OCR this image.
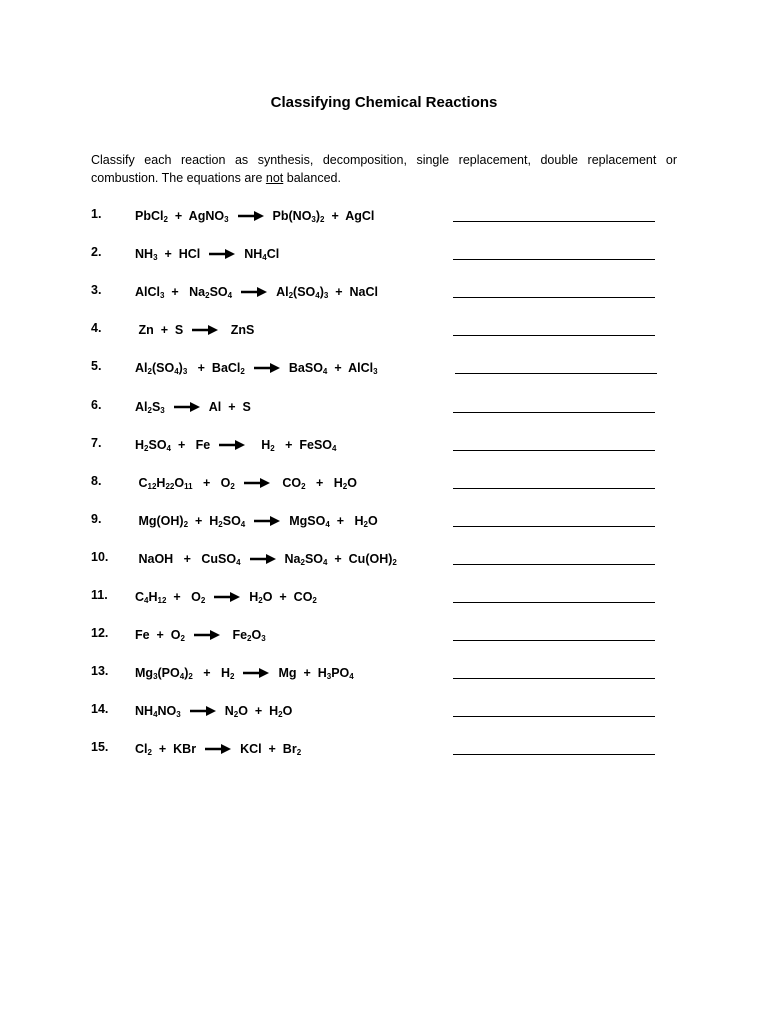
Classifying Chemical Reactions
Classify each reaction as synthesis, decomposition, single replacement, double replacement or combustion. The equations are not balanced.
1.	PbCl$_2$  +  AgNO$_3$	$Pb(NO_3)_2$  +  AgCl
2.	$NH_3$  +  HCl	$NH_4Cl$
3.	AlCl$_3$  +   $Na_2SO_4$	$Al_2(SO_4)_3$  +  NaCl
4.	Zn  +  S	ZnS
5.	$Al_2(SO_4)_3$   +  BaCl$_2$	BaSO$_4$  +  AlCl$_3$
6.	$Al_2S_3$	Al  +  S
7.	$H_2SO_4 + Fe$	$H_2$   +  FeSO$_4$
8.	$C_{12}H_{22}O_{11} + O_2$	$CO_2 + H_2O$
9.	$Mg(OH)_2 + H_2SO_4$	MgSO$_4$  +   $H_2O$
10.	NaOH   +   CuSO$_4$	$Na_2SO_4 + Cu(OH)_2$
11.	$C_4H_{12} + O_2$	$H_2O + CO_2$
12.	$Fe + O_2$	$Fe_2O_3$
13.	$Mg_3(PO_4)_2 + H_2$	$Mg + H_3PO_4$
14.	$NH_4NO_3$	$N_2O + H_2O$
15.	$Cl_2$  +  KBr	KCl  +  $Br_2$
